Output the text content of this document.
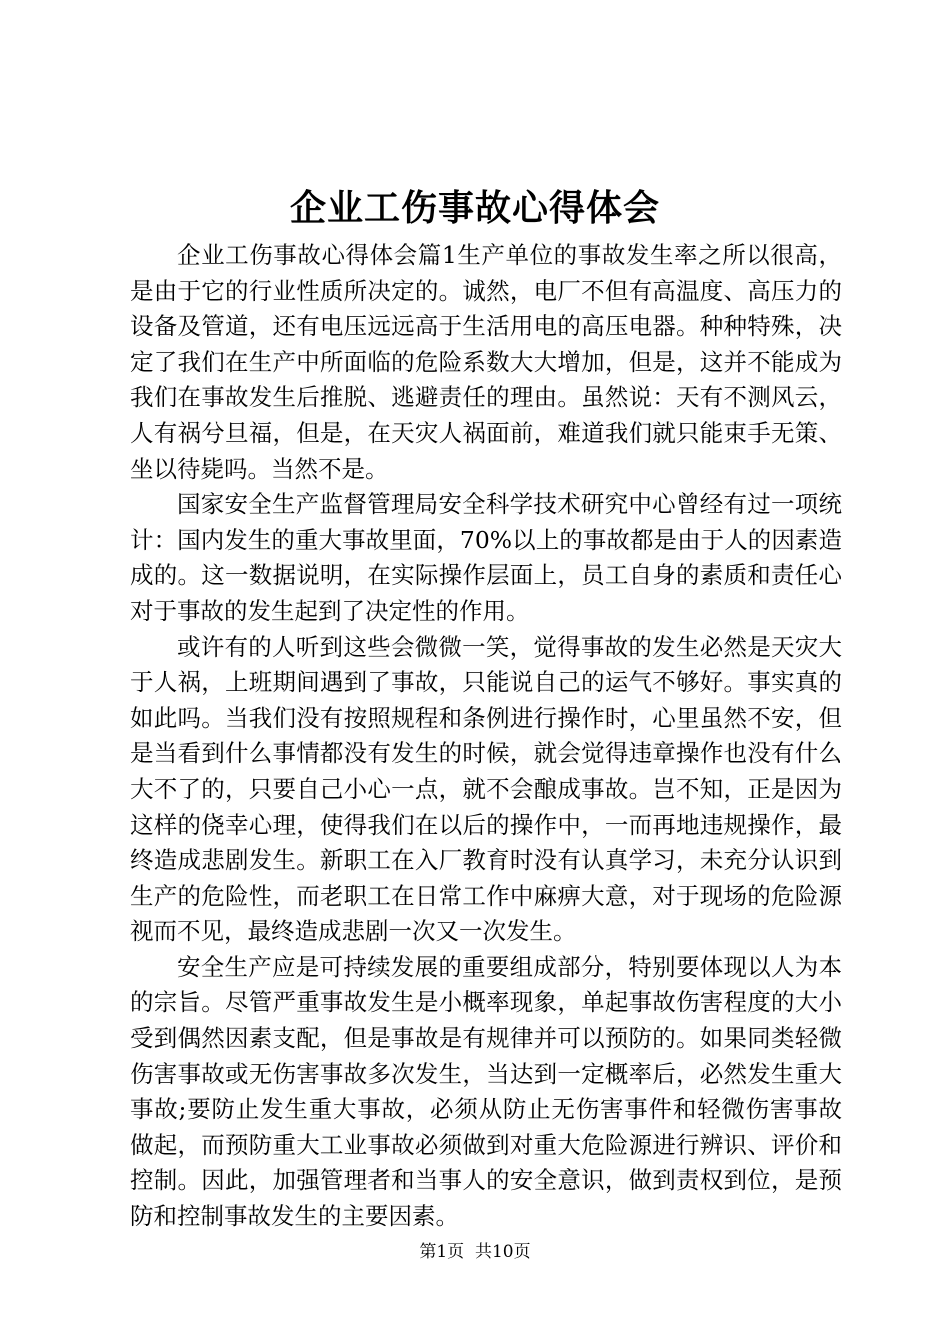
企业工伤事故心得体会

企业工伤事故心得体会篇1生产单位的事故发生率之所以很高，是由于它的行业性质所决定的。诚然，电厂不但有高温度、高压力的设备及管道，还有电压远远高于生活用电的高压电器。种种特殊，决定了我们在生产中所面临的危险系数大大增加，但是，这并不能成为我们在事故发生后推脱、逃避责任的理由。虽然说：天有不测风云，人有祸兮旦福，但是，在天灾人祸面前，难道我们就只能束手无策、坐以待毙吗。当然不是。

国家安全生产监督管理局安全科学技术研究中心曾经有过一项统计：国内发生的重大事故里面，70%以上的事故都是由于人的因素造成的。这一数据说明，在实际操作层面上，员工自身的素质和责任心对于事故的发生起到了决定性的作用。

或许有的人听到这些会微微一笑，觉得事故的发生必然是天灾大于人祸，上班期间遇到了事故，只能说自己的运气不够好。事实真的如此吗。当我们没有按照规程和条例进行操作时，心里虽然不安，但是当看到什么事情都没有发生的时候，就会觉得违章操作也没有什么大不了的，只要自己小心一点，就不会酿成事故。岂不知，正是因为这样的侥幸心理，使得我们在以后的操作中，一而再地违规操作，最终造成悲剧发生。新职工在入厂教育时没有认真学习，未充分认识到生产的危险性，而老职工在日常工作中麻痹大意，对于现场的危险源视而不见，最终造成悲剧一次又一次发生。

安全生产应是可持续发展的重要组成部分，特别要体现以人为本的宗旨。尽管严重事故发生是小概率现象，单起事故伤害程度的大小受到偶然因素支配，但是事故是有规律并可以预防的。如果同类轻微伤害事故或无伤害事故多次发生，当达到一定概率后，必然发生重大事故;要防止发生重大事故，必须从防止无伤害事件和轻微伤害事故做起，而预防重大工业事故必须做到对重大危险源进行辨识、评价和控制。因此，加强管理者和当事人的安全意识，做到责权到位，是预防和控制事故发生的主要因素。

第1页  共10页
